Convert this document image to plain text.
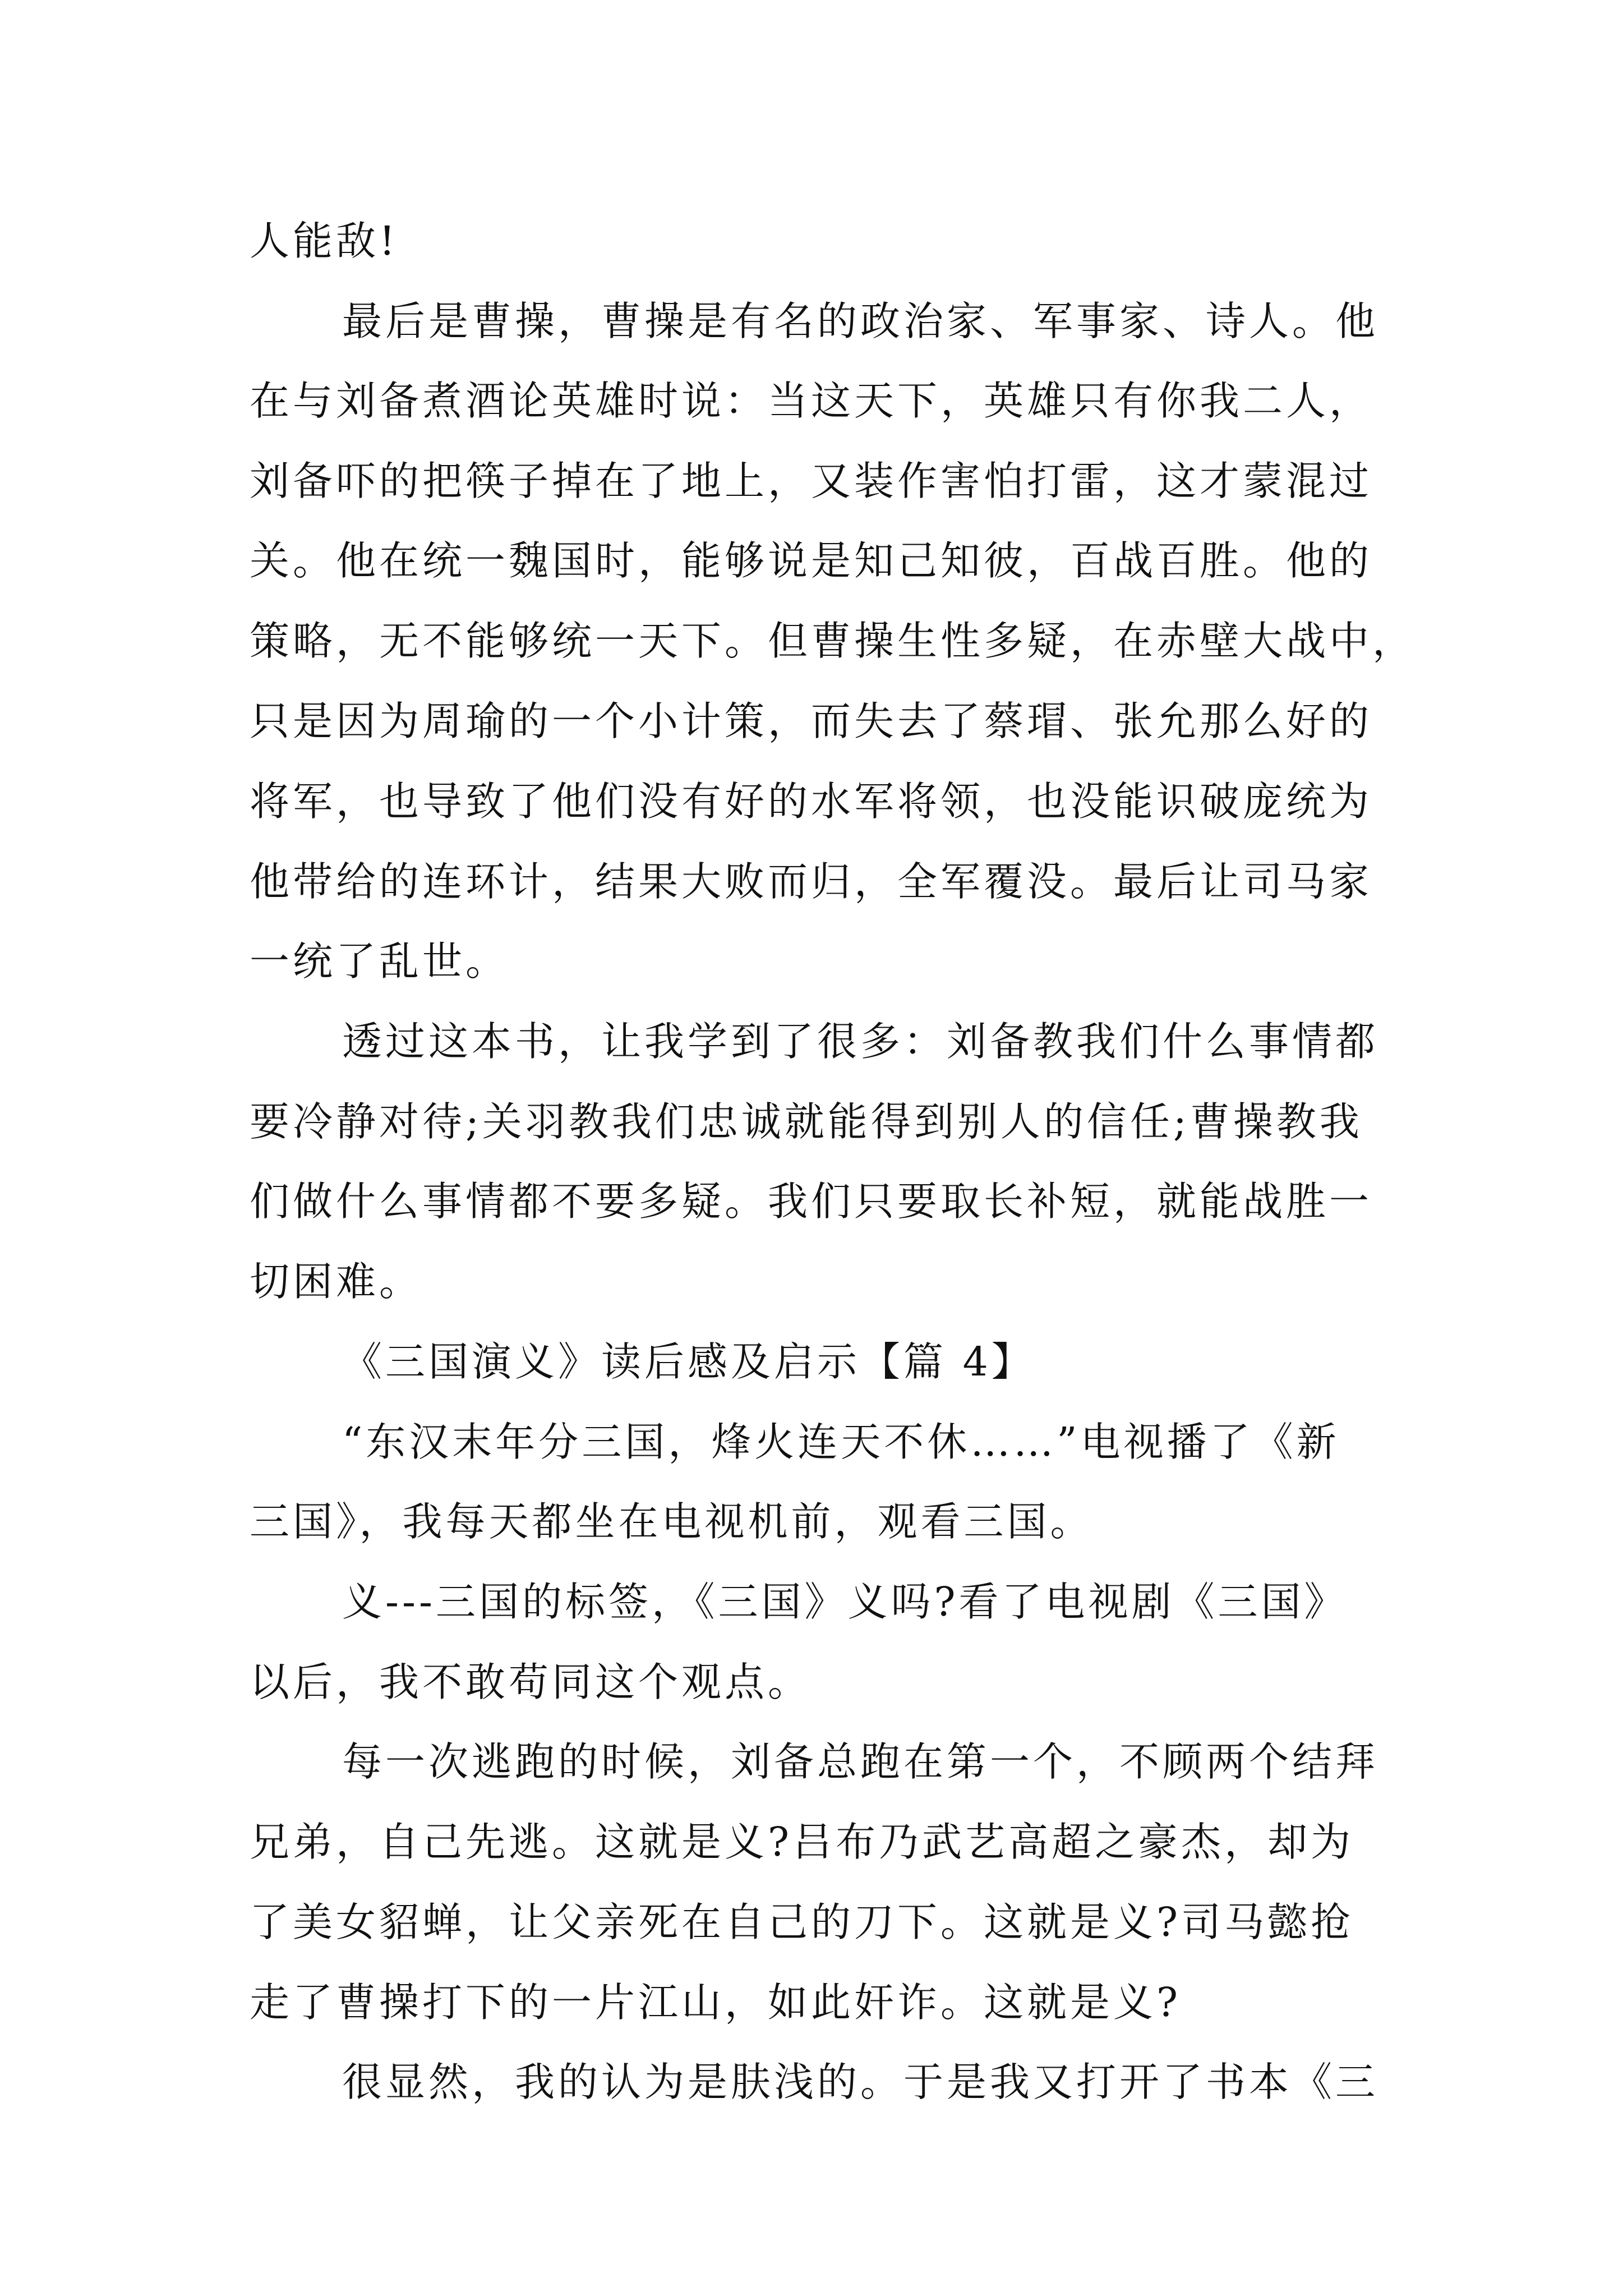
人能敌!
最后是曹操，曹操是有名的政治家、军事家、诗人。他
在与刘备煮酒论英雄时说：当这天下，英雄只有你我二人，
刘备吓的把筷子掉在了地上，又装作害怕打雷，这才蒙混过
关。他在统一魏国时，能够说是知己知彼，百战百胜。他的
策略，无不能够统一天下。但曹操生性多疑，在赤壁大战中，
只是因为周瑜的一个小计策，而失去了蔡瑁、张允那么好的
将军，也导致了他们没有好的水军将领，也没能识破庞统为
他带给的连环计，结果大败而归，全军覆没。最后让司马家
一统了乱世。
透过这本书，让我学到了很多：刘备教我们什么事情都
要冷静对待;关羽教我们忠诚就能得到别人的信任;曹操教我
们做什么事情都不要多疑。我们只要取长补短，就能战胜一
切困难。
《三国演义》读后感及启示【篇 4】
“东汉末年分三国，烽火连天不休……”电视播了《新
三国》，我每天都坐在电视机前，观看三国。
义---三国的标签，《三国》义吗?看了电视剧《三国》
以后，我不敢苟同这个观点。
每一次逃跑的时候，刘备总跑在第一个，不顾两个结拜
兄弟，自己先逃。这就是义?吕布乃武艺高超之豪杰，却为
了美女貂蝉，让父亲死在自己的刀下。这就是义?司马懿抢
走了曹操打下的一片江山，如此奸诈。这就是义?
很显然，我的认为是肤浅的。于是我又打开了书本《三
